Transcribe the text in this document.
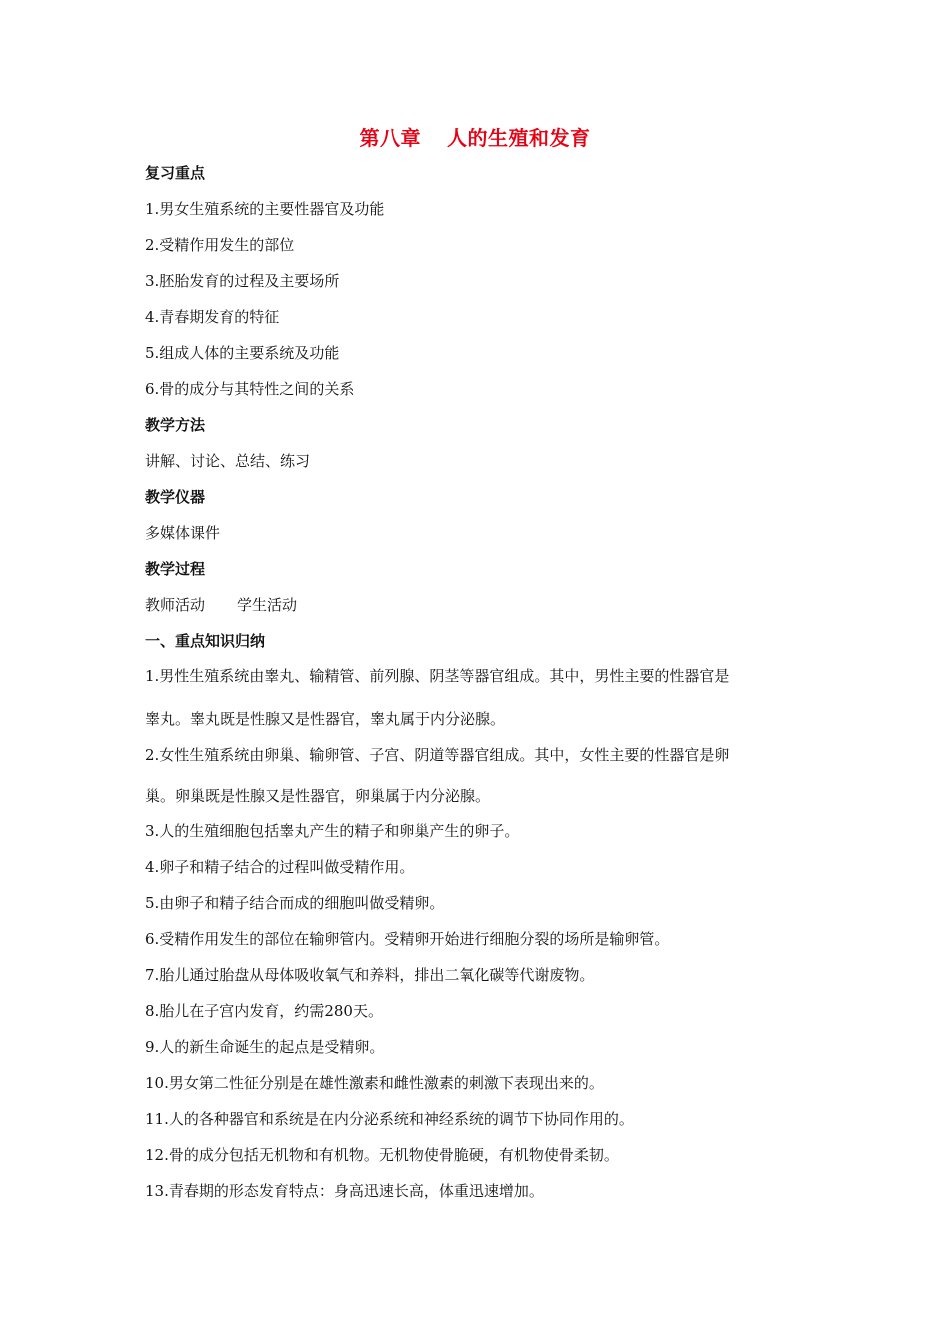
第八章 人的生殖和发育
复习重点
1.男女生殖系统的主要性器官及功能
2.受精作用发生的部位
3.胚胎发育的过程及主要场所
4.青春期发育的特征
5.组成人体的主要系统及功能
6.骨的成分与其特性之间的关系
教学方法
讲解、讨论、总结、练习
教学仪器
多媒体课件
教学过程
教师活动 学生活动
一、重点知识归纳
1.男性生殖系统由睾丸、输精管、前列腺、阴茎等器官组成。其中，男性主要的性器官是
睾丸。睾丸既是性腺又是性器官，睾丸属于内分泌腺。
2.女性生殖系统由卵巢、输卵管、子宫、阴道等器官组成。其中，女性主要的性器官是卵
巢。卵巢既是性腺又是性器官，卵巢属于内分泌腺。
3.人的生殖细胞包括睾丸产生的精子和卵巢产生的卵子。
4.卵子和精子结合的过程叫做受精作用。
5.由卵子和精子结合而成的细胞叫做受精卵。
6.受精作用发生的部位在输卵管内。受精卵开始进行细胞分裂的场所是输卵管。
7.胎儿通过胎盘从母体吸收氧气和养料，排出二氧化碳等代谢废物。
8.胎儿在子宫内发育，约需280天。
9.人的新生命诞生的起点是受精卵。
10.男女第二性征分别是在雄性激素和雌性激素的刺激下表现出来的。
11.人的各种器官和系统是在内分泌系统和神经系统的调节下协同作用的。
12.骨的成分包括无机物和有机物。无机物使骨脆硬，有机物使骨柔韧。
13.青春期的形态发育特点：身高迅速长高，体重迅速增加。
